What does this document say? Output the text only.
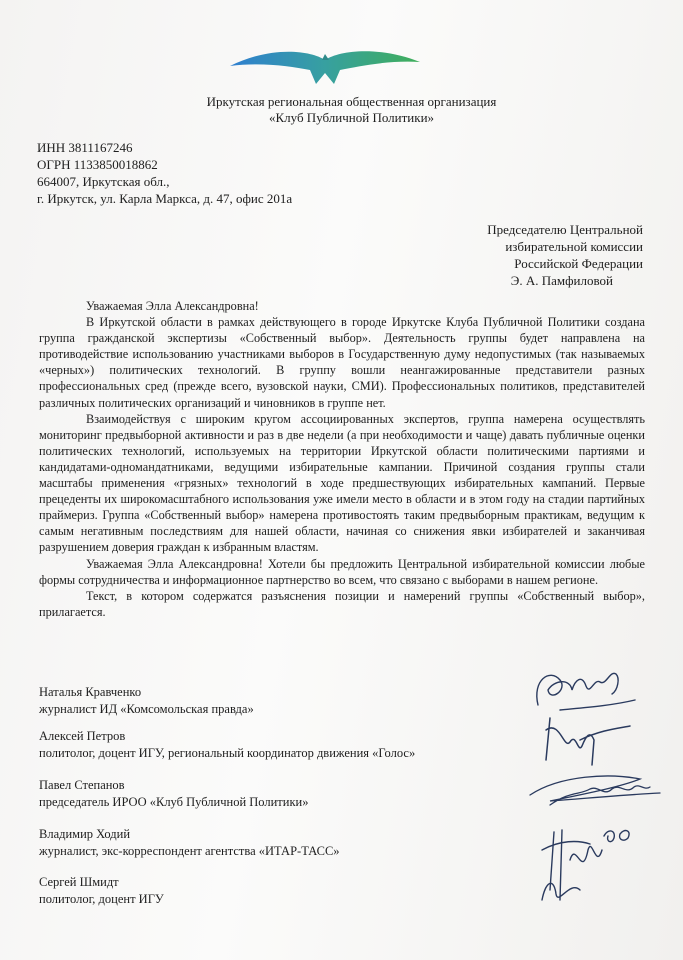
Иркутская региональная общественная организация
«Клуб Публичной Политики»
ИНН 3811167246
ОГРН 1133850018862
664007, Иркутская обл.,
г. Иркутск, ул. Карла Маркса, д. 47, офис 201а
Председателю Центральной
избирательной комиссии
Российской Федерации
Э. А. Памфиловой
Уважаемая Элла Александровна!

В Иркутской области в рамках действующего в городе Иркутске Клуба Публичной Политики создана группа гражданской экспертизы «Собственный выбор». Деятельность группы будет направлена на противодействие использованию участниками выборов в Государственную думу недопустимых (так называемых «черных») политических технологий. В группу вошли неангажированные представители разных профессиональных сред (прежде всего, вузовской науки, СМИ). Профессиональных политиков, представителей различных политических организаций и чиновников в группе нет.

Взаимодействуя с широким кругом ассоциированных экспертов, группа намерена осуществлять мониторинг предвыборной активности и раз в две недели (а при необходимости и чаще) давать публичные оценки политических технологий, используемых на территории Иркутской области политическими партиями и кандидатами-одномандатниками, ведущими избирательные кампании. Причиной создания группы стали масштабы применения «грязных» технологий в ходе предшествующих избирательных кампаний. Первые прецеденты их широкомасштабного использования уже имели место в области и в этом году на стадии партийных праймериз. Группа «Собственный выбор» намерена противостоять таким предвыборным практикам, ведущим к самым негативным последствиям для нашей области, начиная со снижения явки избирателей и заканчивая разрушением доверия граждан к избранным властям.

Уважаемая Элла Александровна! Хотели бы предложить Центральной избирательной комиссии любые формы сотрудничества и информационное партнерство во всем, что связано с выборами в нашем регионе.

Текст, в котором содержатся разъяснения позиции и намерений группы «Собственный выбор», прилагается.

Наталья Кравченко
журналист ИД «Комсомольская правда»
Алексей Петров
политолог, доцент ИГУ, региональный координатор движения «Голос»
Павел Степанов
председатель ИРОО «Клуб Публичной Политики»
Владимир Ходий
журналист, экс-корреспондент агентства «ИТАР-ТАСС»
Сергей Шмидт
политолог, доцент ИГУ
